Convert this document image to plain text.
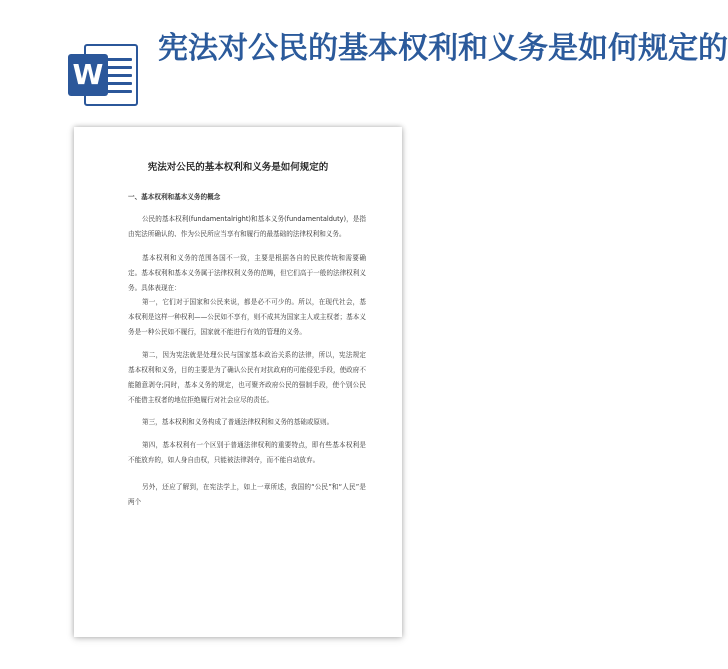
W
宪法对公民的基本权利和义务是如何规定的
宪法对公民的基本权利和义务是如何规定的
一、基本权利和基本义务的概念

公民的基本权利(fundamentalright)和基本义务(fundamentalduty)，是指由宪法所确认的、作为公民所应当享有和履行的最基础的法律权利和义务。

基本权利和义务的范围各国不一致，主要是根据各自的民族传统和需要确定。基本权利和基本义务属于法律权利义务的范畴，但它们高于一般的法律权利义务。具体表现在：

第一，它们对于国家和公民来说，都是必不可少的。所以，在现代社会，基本权利是这样一种权利——公民如不享有，则不成其为国家主人或主权者；基本义务是一种公民如不履行，国家就不能进行有效的管理的义务。

第二，因为宪法就是处理公民与国家基本政治关系的法律，所以，宪法规定基本权利和义务，目的主要是为了确认公民有对抗政府的可能侵犯手段，使政府不能随意剥夺;同时，基本义务的规定，也可聚齐政府公民的强制手段，使个别公民不能借主权者的地位拒绝履行对社会应尽的责任。

第三，基本权利和义务构成了普通法律权利和义务的基础或原则。

第四，基本权利有一个区别于普通法律权利的重要特点，即有些基本权利是不能放弃的，如人身自由权，只能被法律剥夺，而不能自动放弃。

另外，还应了解到，在宪法学上，如上一章所述，我国的“公民”和“人民”是两个
